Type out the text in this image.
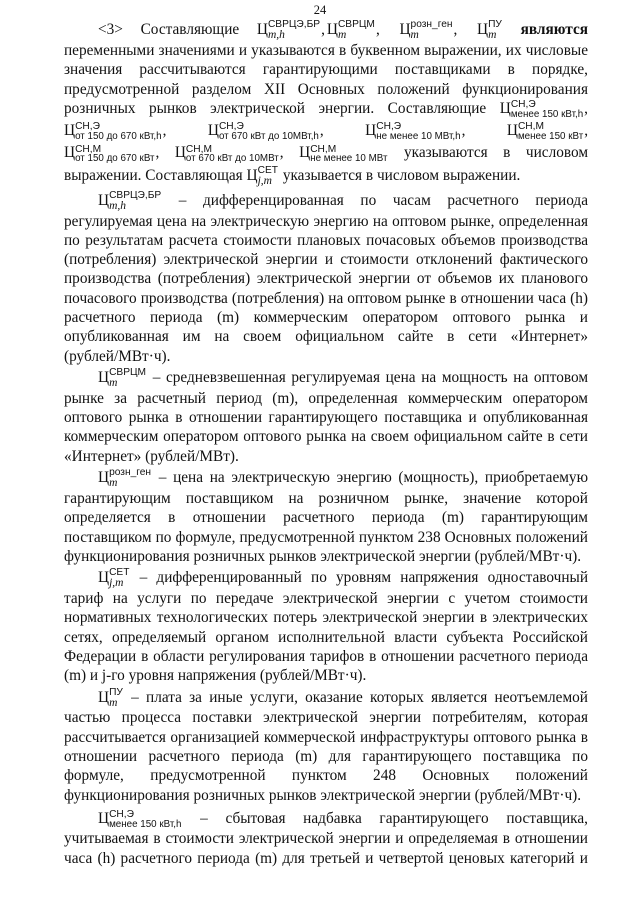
24

<3> Составляющие Ц СВРЦЭ,БР
m,h	, Ц СВРЦМ
m	, Ц розн_ген
m	, Ц ПУ
m	являются

переменными значениями и указываются в буквенном выражении, их числовые

значения рассчитываются гарантирующими поставщиками в порядке,

предусмотренной разделом XII Основных положений функционирования

розничных рынков электрической энергии. Составляющие Ц СН,Э
менее 150 кВт,h ,

Ц СН,Э
от 150 до 670 кВт,h ,	Ц СН,Э
от 670 кВт до 10МВт,h ,	Ц СН,Э
не менее 10 МВт,h ,	Ц СН,М
менее 150 кВт ,

Ц СН,М
от 150 до 670 кВт , Ц СН,М
от 670 кВт до 10МВт , Ц СН,М
не менее 10 МВт указываются в числовом

выражении. Составляющая Ц СЕТ
j,m указывается в числовом выражении.

Ц СВРЦЭ,БР
m,h	– дифференцированная по часам расчетного периода

регулируемая цена на электрическую энергию на оптовом рынке, определенная

по результатам расчета стоимости плановых почасовых объемов производства

(потребления) электрической энергии и стоимости отклонений фактического

производства (потребления) электрической энергии от объемов их планового

почасового производства (потребления) на оптовом рынке в отношении часа (h)

расчетного периода (m) коммерческим оператором оптового рынка и

опубликованная им на своем официальном сайте в сети «Интернет»

(рублей/МВт·ч).

Ц СВРЦМ
m	– средневзвешенная регулируемая цена на мощность на оптовом

рынке за расчетный период (m), определенная коммерческим оператором

оптового рынка в отношении гарантирующего поставщика и опубликованная

коммерческим оператором оптового рынка на своем официальном сайте в сети

«Интернет» (рублей/МВт).

Ц розн_ген
m	– цена на электрическую энергию (мощность), приобретаемую

гарантирующим поставщиком на розничном рынке, значение которой

определяется в отношении расчетного периода (m) гарантирующим

поставщиком по формуле, предусмотренной пунктом 238 Основных положений

функционирования розничных рынков электрической энергии (рублей/МВт·ч).

Ц СЕТ
j,m	– дифференцированный по уровням напряжения одноставочный

тариф на услуги по передаче электрической энергии с учетом стоимости

нормативных технологических потерь электрической энергии в электрических

сетях, определяемый органом исполнительной власти субъекта Российской

Федерации в области регулирования тарифов в отношении расчетного периода

(m) и j-го уровня напряжения (рублей/МВт·ч).

Ц ПУ
m – плата за иные услуги, оказание которых является неотъемлемой

частью процесса поставки электрической энергии потребителям, которая

рассчитывается организацией коммерческой инфраструктуры оптового рынка в

отношении расчетного периода (m) для гарантирующего поставщика по

формуле, предусмотренной пунктом 248 Основных положений

функционирования розничных рынков электрической энергии (рублей/МВт·ч).

Ц СН,Э
менее 150 кВт,h – сбытовая надбавка гарантирующего поставщика,

учитываемая в стоимости электрической энергии и определяемая в отношении

часа (h) расчетного периода (m) для третьей и четвертой ценовых категорий и
